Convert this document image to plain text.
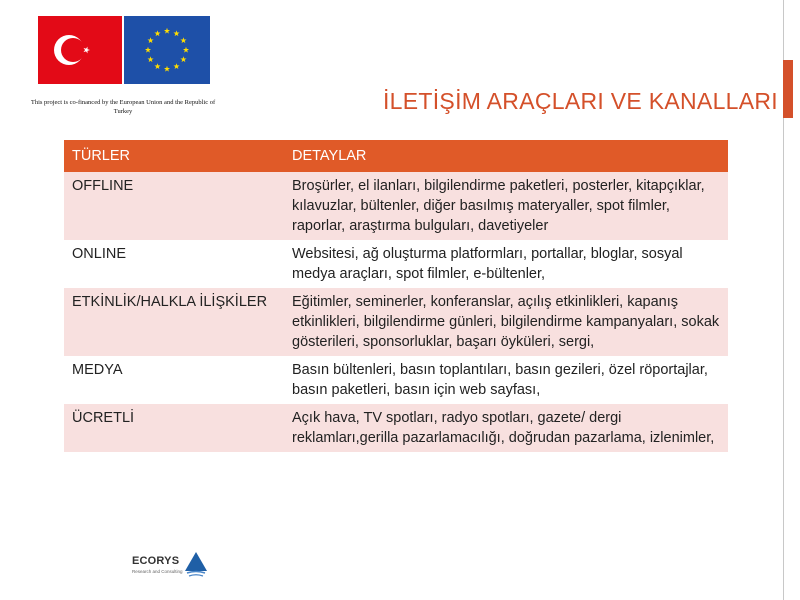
This project is co-financed by the European Union and the Republic of Turkey	İLETİŞİM ARAÇLARI VE KANALLARI
TÜRLER	DETAYLAR
OFFLINE	Broşürler, el ilanları, bilgilendirme paketleri, posterler, kitapçıklar, kılavuzlar, bültenler, diğer basılmış materyaller, spot filmler, raporlar, araştırma bulguları, davetiyeler
ONLINE	Websitesi, ağ oluşturma platformları, portallar, bloglar, sosyal medya araçları, spot filmler, e-bültenler,
ETKİNLİK/HALKLA İLİŞKİLER	Eğitimler, seminerler, konferanslar, açılış etkinlikleri, kapanış etkinlikleri, bilgilendirme günleri, bilgilendirme kampanyaları, sokak gösterileri, sponsorluklar, başarı öyküleri, sergi,
MEDYA	Basın bültenleri, basın toplantıları, basın gezileri, özel röportajlar, basın paketleri, basın için web sayfası,
ÜCRETLİ	Açık hava, TV spotları, radyo spotları, gazete/ dergi reklamları,gerilla pazarlamacılığı, doğrudan pazarlama, izlenimler,
ECORYS
Research and Consulting
